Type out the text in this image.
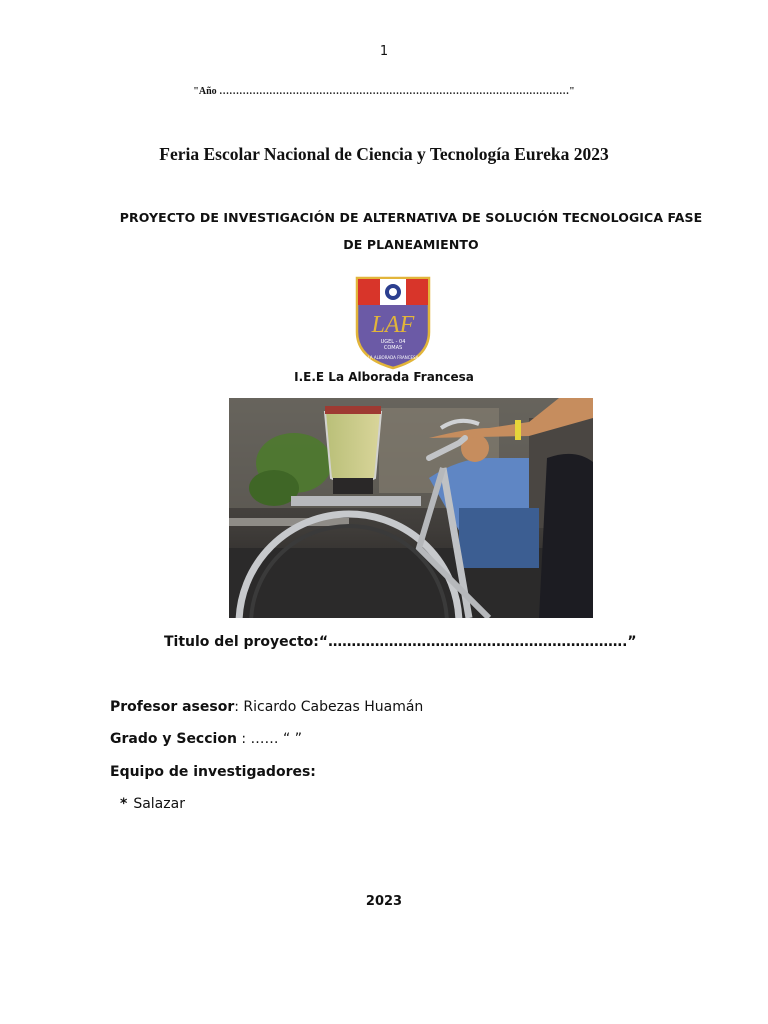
1
"Año ……………………………………………………………………………………………"
Feria Escolar Nacional de Ciencia y Tecnología Eureka 2023
PROYECTO DE INVESTIGACIÓN DE ALTERNATIVA DE SOLUCIÓN TECNOLOGICA FASE DE PLANEAMIENTO
LAF
UGEL - 04
COMAS
LA ALBORADA FRANCESA
I.E.E La Alborada Francesa
Titulo del proyecto:“……………………………………………………….”
Profesor asesor: Ricardo Cabezas Huamán
Grado y Seccion : …… “ ”
Equipo de investigadores:
* Salazar
2023
